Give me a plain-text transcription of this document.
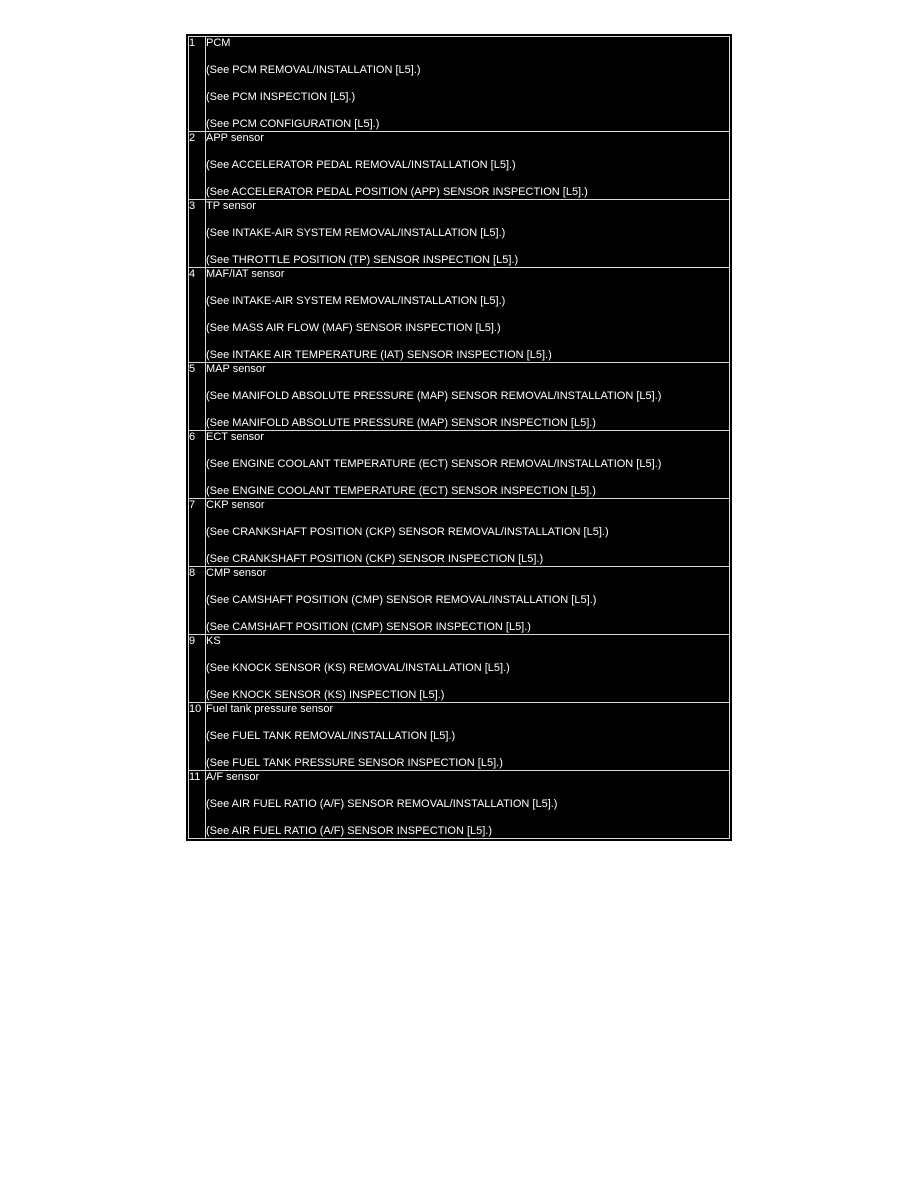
1	PCM
(See PCM REMOVAL/INSTALLATION [L5].)
(See PCM INSPECTION [L5].)
(See PCM CONFIGURATION [L5].)

2	APP sensor
(See ACCELERATOR PEDAL REMOVAL/INSTALLATION [L5].)
(See ACCELERATOR PEDAL POSITION (APP) SENSOR INSPECTION [L5].)

3	TP sensor
(See INTAKE-AIR SYSTEM REMOVAL/INSTALLATION [L5].)
(See THROTTLE POSITION (TP) SENSOR INSPECTION [L5].)

4	MAF/IAT sensor
(See INTAKE-AIR SYSTEM REMOVAL/INSTALLATION [L5].)
(See MASS AIR FLOW (MAF) SENSOR INSPECTION [L5].)
(See INTAKE AIR TEMPERATURE (IAT) SENSOR INSPECTION [L5].)

5	MAP sensor
(See MANIFOLD ABSOLUTE PRESSURE (MAP) SENSOR REMOVAL/INSTALLATION [L5].)
(See MANIFOLD ABSOLUTE PRESSURE (MAP) SENSOR INSPECTION [L5].)

6	ECT sensor
(See ENGINE COOLANT TEMPERATURE (ECT) SENSOR REMOVAL/INSTALLATION [L5].)
(See ENGINE COOLANT TEMPERATURE (ECT) SENSOR INSPECTION [L5].)

7	CKP sensor
(See CRANKSHAFT POSITION (CKP) SENSOR REMOVAL/INSTALLATION [L5].)
(See CRANKSHAFT POSITION (CKP) SENSOR INSPECTION [L5].)

8	CMP sensor
(See CAMSHAFT POSITION (CMP) SENSOR REMOVAL/INSTALLATION [L5].)
(See CAMSHAFT POSITION (CMP) SENSOR INSPECTION [L5].)

9	KS
(See KNOCK SENSOR (KS) REMOVAL/INSTALLATION [L5].)
(See KNOCK SENSOR (KS) INSPECTION [L5].)

10	Fuel tank pressure sensor
(See FUEL TANK REMOVAL/INSTALLATION [L5].)
(See FUEL TANK PRESSURE SENSOR INSPECTION [L5].)

11	A/F sensor
(See AIR FUEL RATIO (A/F) SENSOR REMOVAL/INSTALLATION [L5].)
(See AIR FUEL RATIO (A/F) SENSOR INSPECTION [L5].)
